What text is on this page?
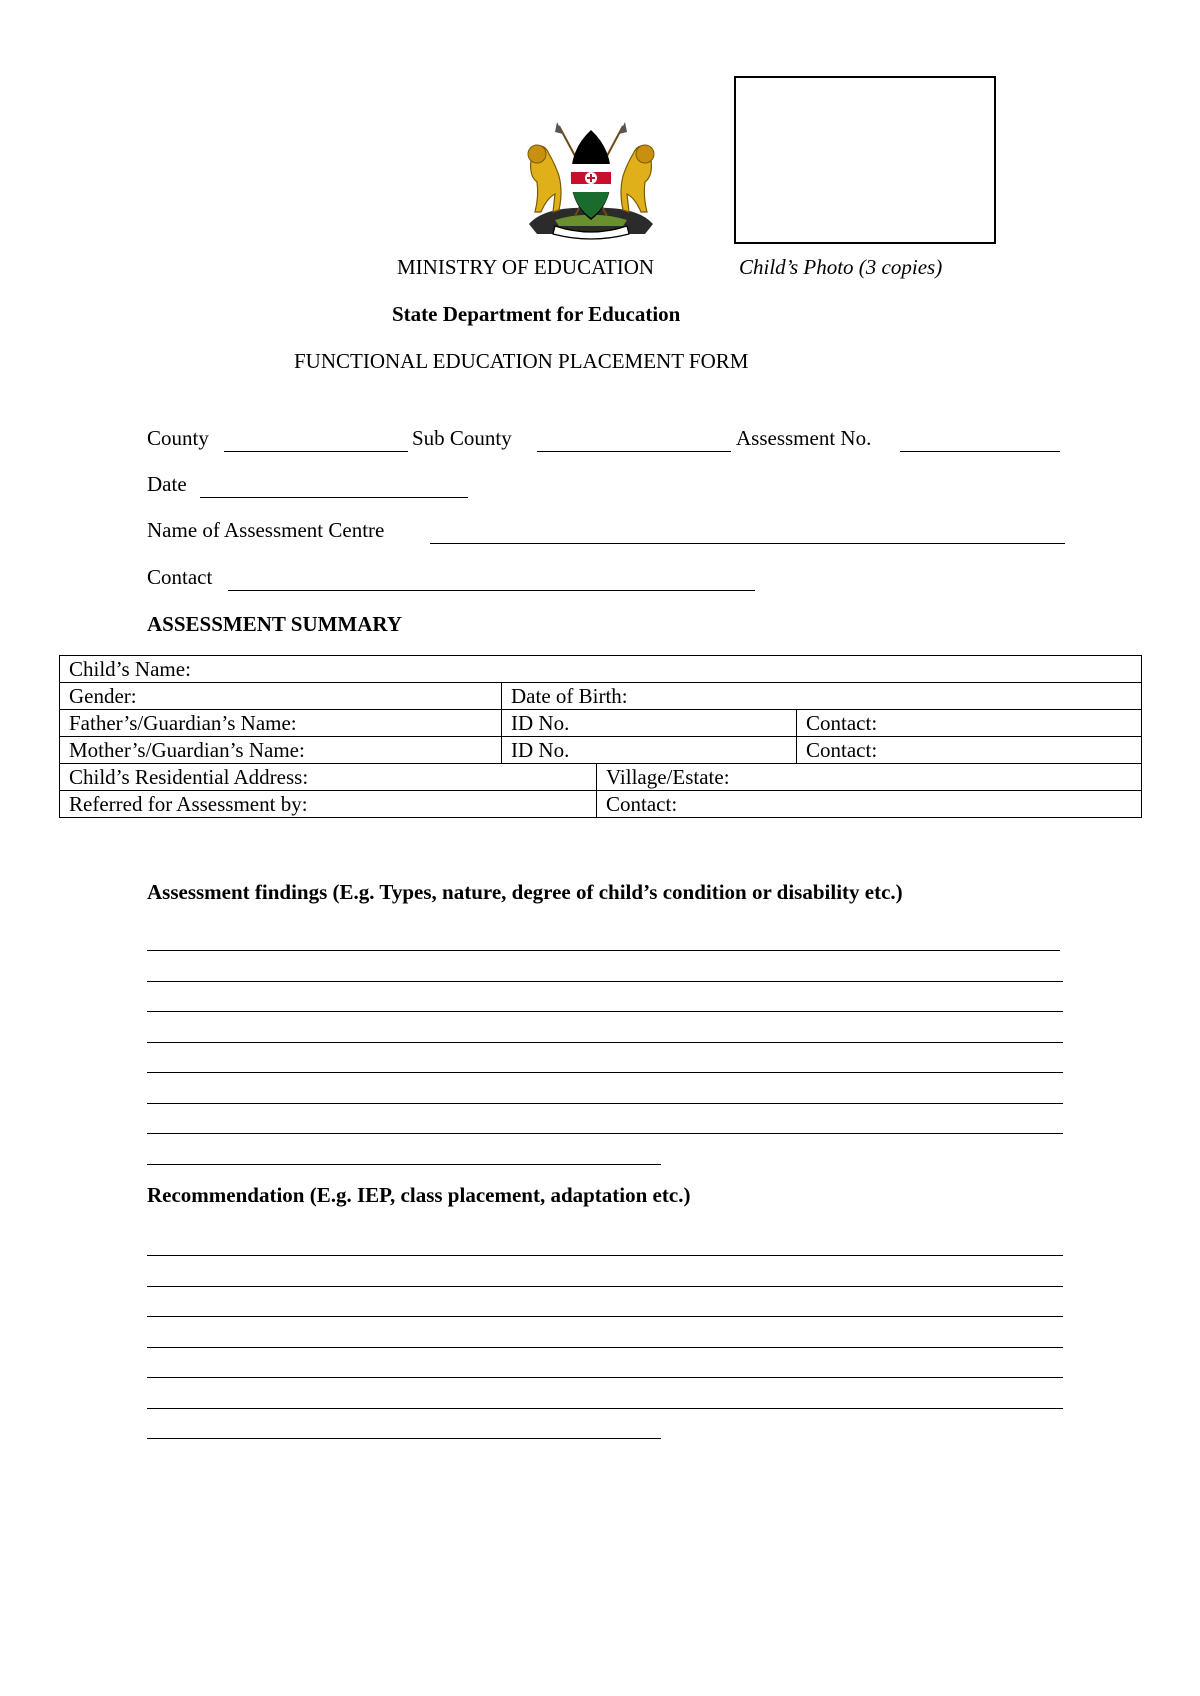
MINISTRY OF EDUCATION	Child’s Photo (3 copies)
State Department for Education
FUNCTIONAL EDUCATION PLACEMENT FORM
County	Sub County	Assessment No.
Date
Name of Assessment Centre
Contact
ASSESSMENT SUMMARY
Child’s Name:			
Gender:	Date of Birth:		
Father’s/Guardian’s Name:	ID No.		Contact:
Mother’s/Guardian’s Name:	ID No.		Contact:
Child’s Residential Address:		Village/Estate:	
Referred for Assessment by:		Contact:	
Assessment findings (E.g. Types, nature, degree of child’s condition or disability etc.)
Recommendation (E.g. IEP, class placement, adaptation etc.)
